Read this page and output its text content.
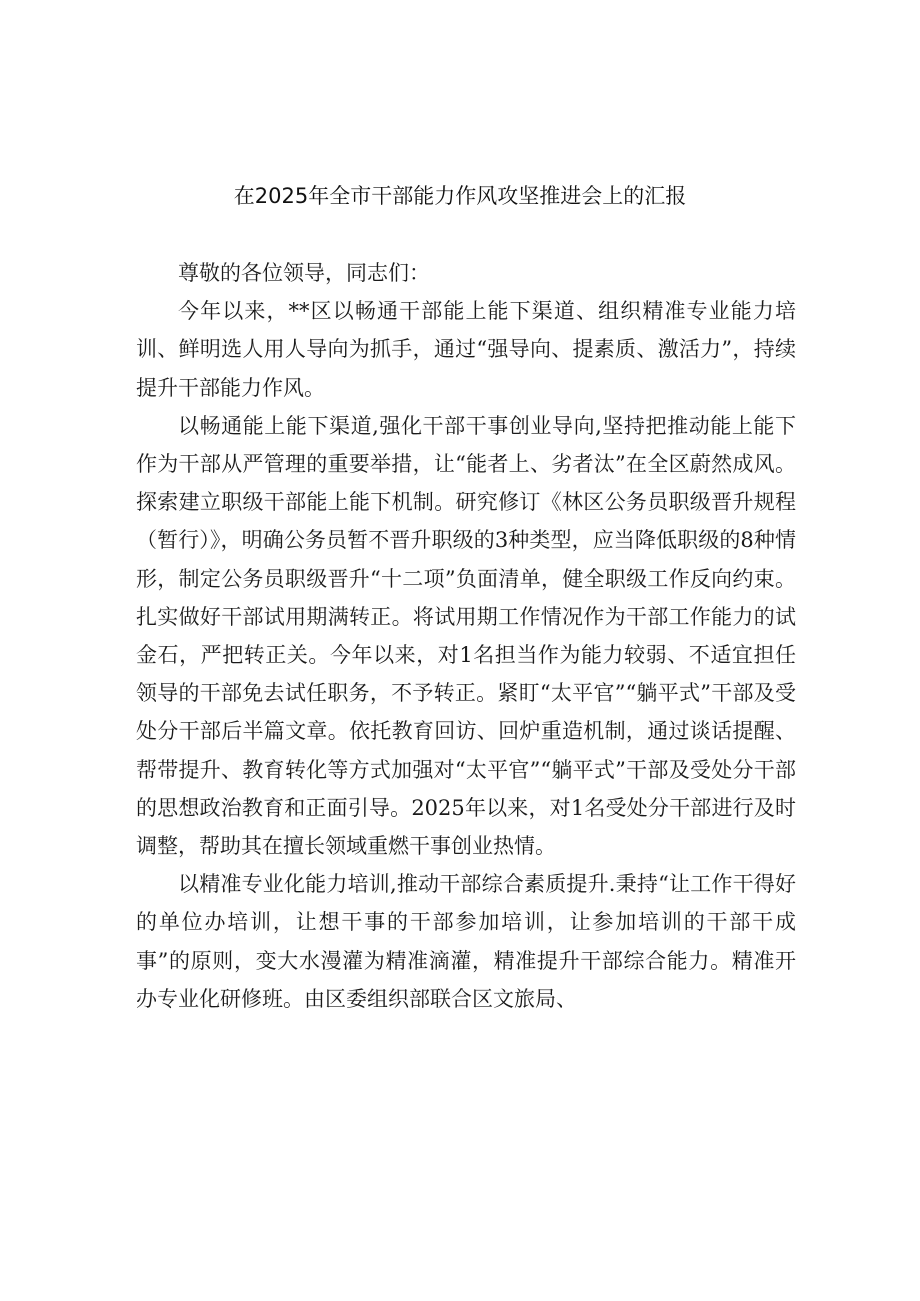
在2025年全市干部能力作风攻坚推进会上的汇报

尊敬的各位领导，同志们：

今年以来，**区以畅通干部能上能下渠道、组织精准专业能力培训、鲜明选人用人导向为抓手，通过“强导向、提素质、激活力”，持续提升干部能力作风。

以畅通能上能下渠道,强化干部干事创业导向,坚持把推动能上能下作为干部从严管理的重要举措，让“能者上、劣者汰”在全区蔚然成风。探索建立职级干部能上能下机制。研究修订《林区公务员职级晋升规程（暂行）》，明确公务员暂不晋升职级的3种类型，应当降低职级的8种情形，制定公务员职级晋升“十二项”负面清单，健全职级工作反向约束。扎实做好干部试用期满转正。将试用期工作情况作为干部工作能力的试金石，严把转正关。今年以来，对1名担当作为能力较弱、不适宜担任领导的干部免去试任职务，不予转正。紧盯“太平官”“躺平式”干部及受处分干部后半篇文章。依托教育回访、回炉重造机制，通过谈话提醒、帮带提升、教育转化等方式加强对“太平官”“躺平式”干部及受处分干部的思想政治教育和正面引导。2025年以来，对1名受处分干部进行及时调整，帮助其在擅长领域重燃干事创业热情。

以精准专业化能力培训,推动干部综合素质提升.秉持“让工作干得好的单位办培训，让想干事的干部参加培训，让参加培训的干部干成事”的原则，变大水漫灌为精准滴灌，精准提升干部综合能力。精准开办专业化研修班。由区委组织部联合区文旅局、
